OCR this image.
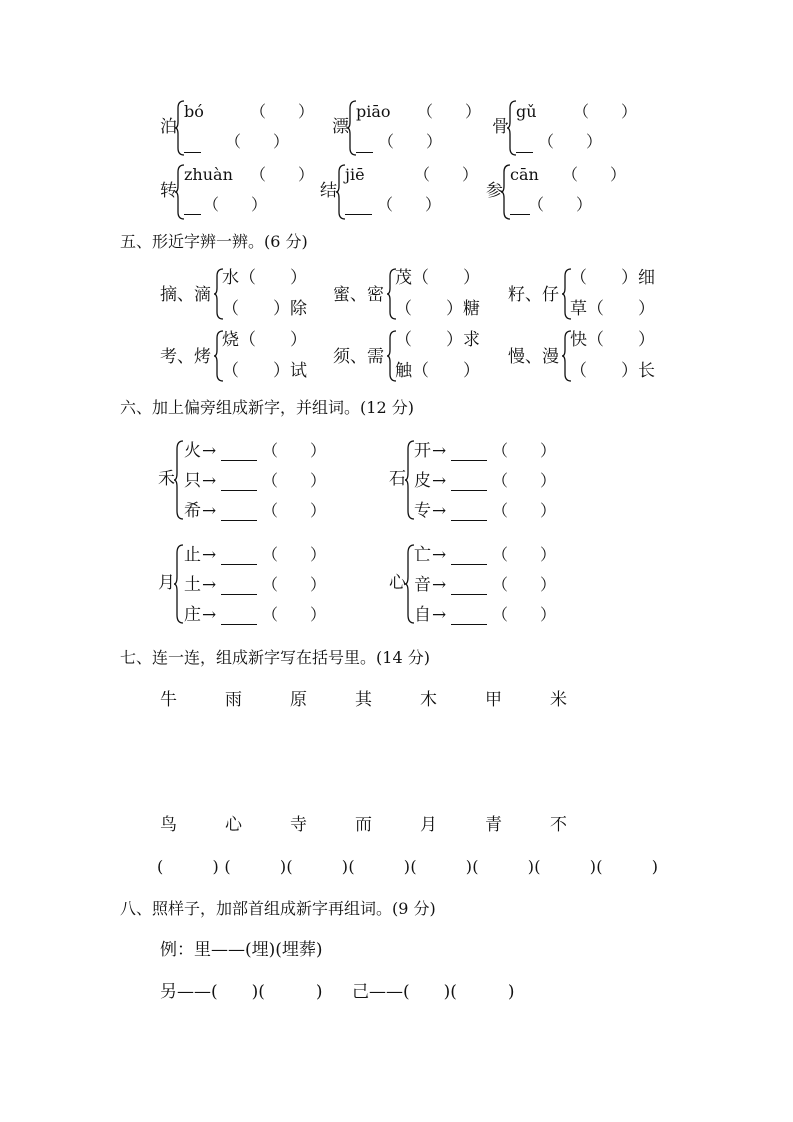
泊
bó	（　　）
（　　）
漂
piāo （　　）
（　　）
骨
gǔ （　　）
（　　）
转
zhuàn （　　）
（　　）
结
jiē	（　　）
（　　）
参
cān （　　）
（　　）
五、形近字辨一辨。(6 分)
摘、滴
水（　　）
（　　）除
蜜、密
茂（　　）
（　　）糖
籽、仔
（　　）细
草（　　）
考、烤
烧（　　）
（　　）试
须、需
（　　）求
触（　　）
慢、漫
快（　　）
（　　）长
六、加上偏旁组成新字，并组词。(12 分)
禾
火 →	（　　）
只 →	（　　）
希 →	（　　）
石
开 →	（　　）
皮 →	（　　）
专 →	（　　）
月
止 →	（　　）
土 →	（　　）
庄 →	（　　）
心
亡 →	（　　）
音 →	（　　）
自 →	（　　）
七、连一连，组成新字写在括号里。(14 分)
牛	雨	原	其	木	甲	米
鸟	心	寺	而	月	青	不
(　　　) (　　　)(　　　)(　　　)(　　　)(　　　)(　　　)(　　　)
八、照样子，加部首组成新字再组词。(9 分)
例：里——(埋)(埋葬)
另——(　　)(　　　) 己——(　　)(　　　)
